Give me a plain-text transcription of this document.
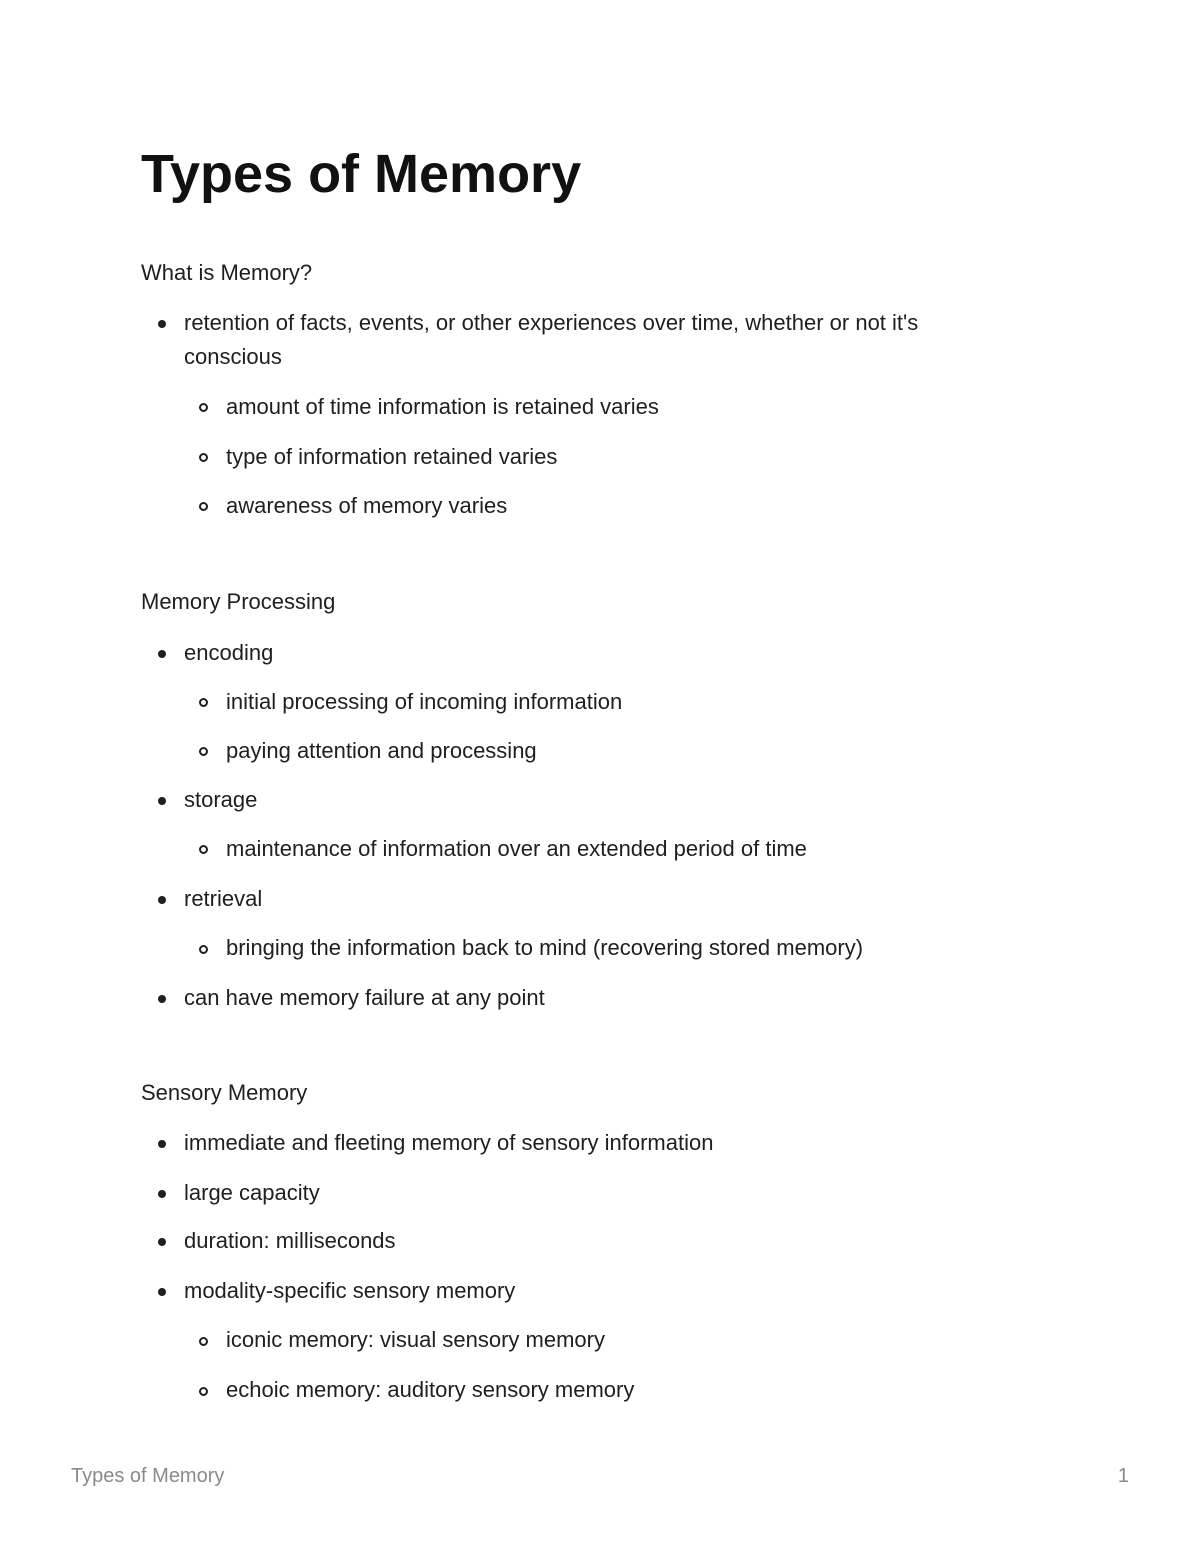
Types of Memory
What is Memory?
retention of facts, events, or other experiences over time, whether or not it's conscious
amount of time information is retained varies
type of information retained varies
awareness of memory varies
Memory Processing
encoding
initial processing of incoming information
paying attention and processing
storage
maintenance of information over an extended period of time
retrieval
bringing the information back to mind (recovering stored memory)
can have memory failure at any point
Sensory Memory
immediate and fleeting memory of sensory information
large capacity
duration: milliseconds
modality-specific sensory memory
iconic memory: visual sensory memory
echoic memory: auditory sensory memory
Types of Memory	1
